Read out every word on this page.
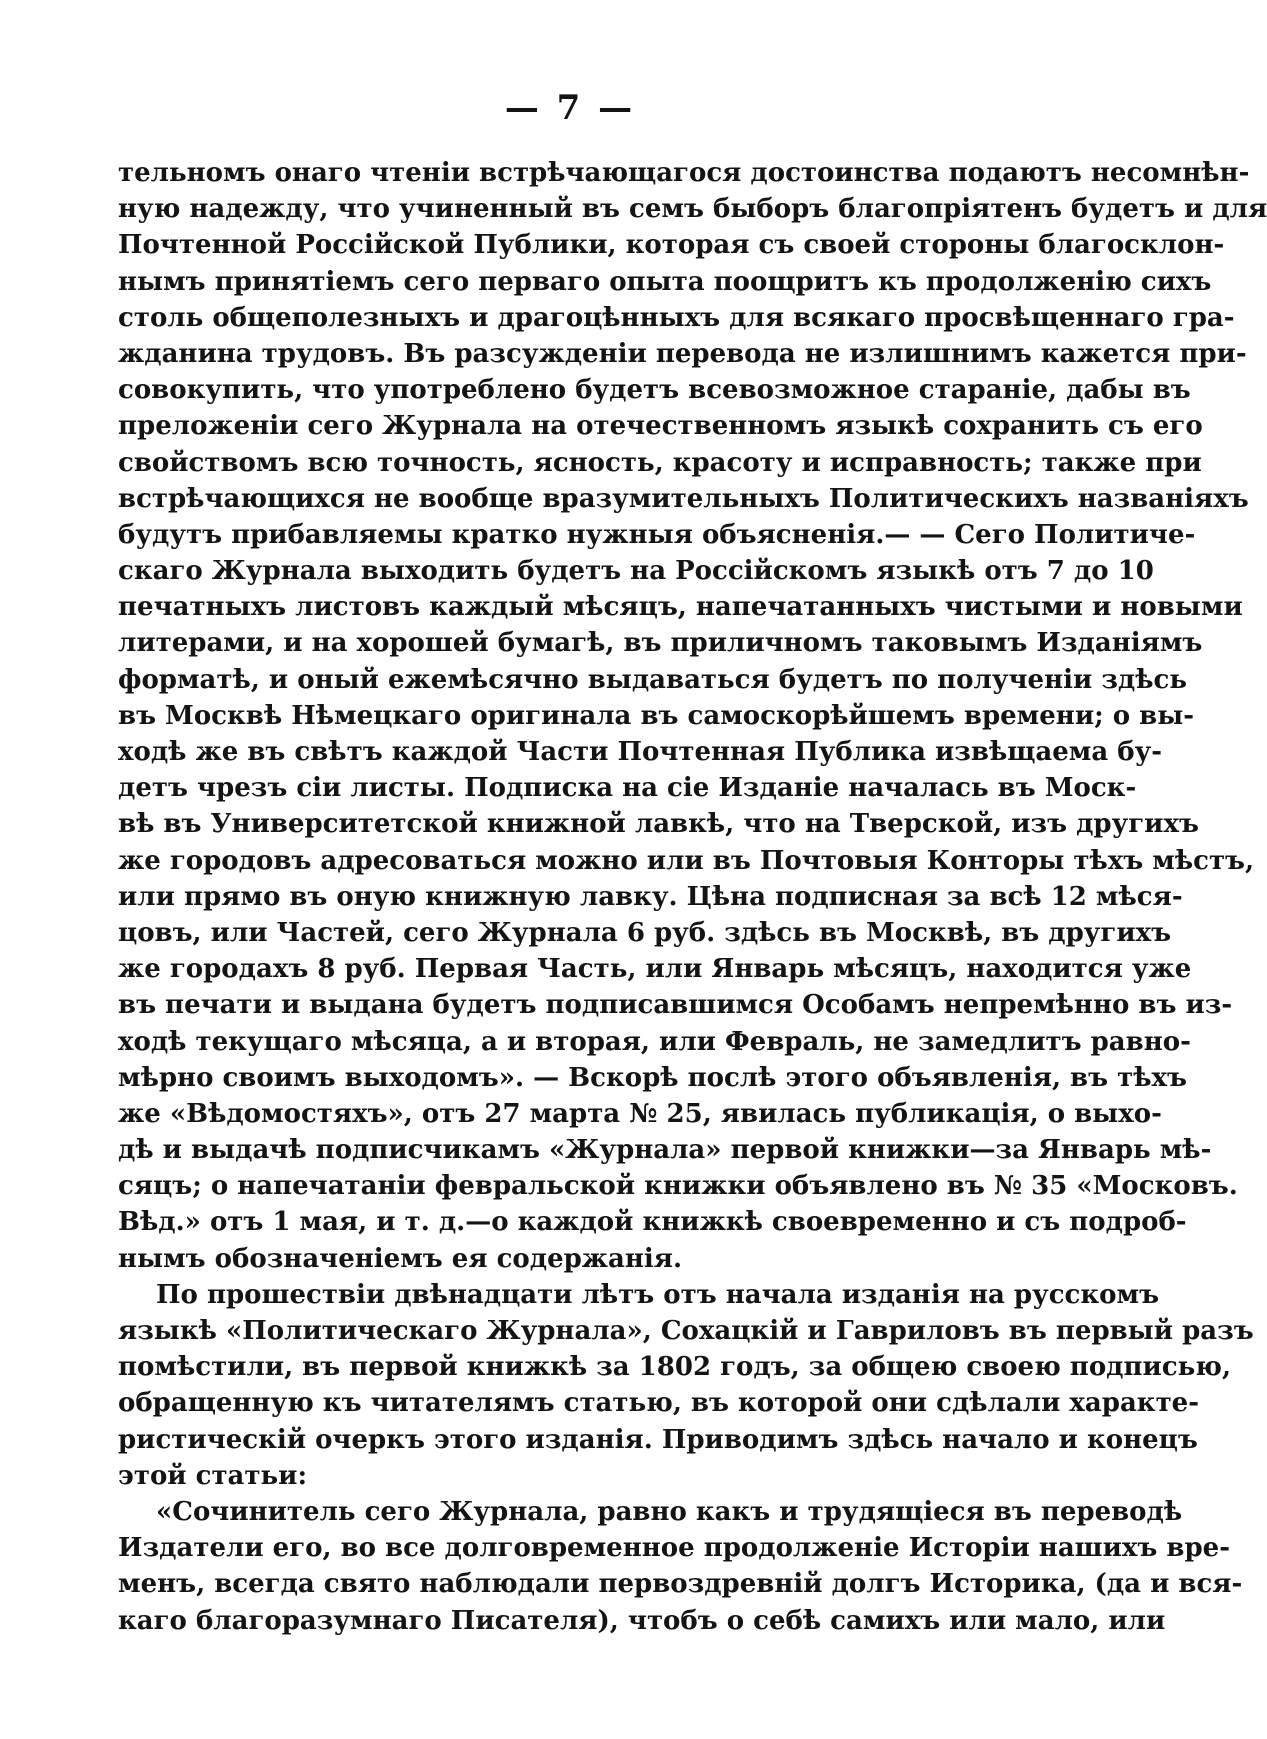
— 7 —
тельномъ онаго чтенiи встрѣчающагося достоинства подаютъ несомнѣн-
ную надежду, что учиненный въ семъ быборъ благопрiятенъ будетъ и для
Почтенной Россiйской Публики, которая съ своей стороны благосклон-
нымъ принятiемъ сего перваго опыта поощритъ къ продолженiю сихъ
столь общеполезныхъ и драгоцѣнныхъ для всякаго просвѣщеннаго гра-
жданина трудовъ. Въ разсужденiи перевода не излишнимъ кажется при-
совокупить, что употреблено будетъ всевозможное старанiе, дабы въ
преложенiи сего Журнала на отечественномъ языкѣ сохранить съ его
свойствомъ всю точность, ясность, красоту и исправность; также при
встрѣчающихся не вообще вразумительныхъ Политическихъ названiяхъ
будутъ прибавляемы кратко нужныя объясненiя.— — Сего Политиче-
скаго Журнала выходить будетъ на Россiйскомъ языкѣ отъ 7 до 10
печатныхъ листовъ каждый мѣсяцъ, напечатанныхъ чистыми и новыми
литерами, и на хорошей бумагѣ, въ приличномъ таковымъ Изданiямъ
форматѣ, и оный ежемѣсячно выдаваться будетъ по полученiи здѣсь
въ Москвѣ Нѣмецкаго оригинала въ самоскорѣйшемъ времени; о вы-
ходѣ же въ свѣтъ каждой Части Почтенная Публика извѣщаема бу-
детъ чрезъ сiи листы. Подписка на сiе Изданiе началась въ Моск-
вѣ въ Университетской книжной лавкѣ, что на Тверской, изъ другихъ
же городовъ адресоваться можно или въ Почтовыя Конторы тѣхъ мѣстъ,
или прямо въ оную книжную лавку. Цѣна подписная за всѣ 12 мѣся-
цовъ, или Частей, сего Журнала 6 руб. здѣсь въ Москвѣ, въ другихъ
же городахъ 8 руб. Первая Часть, или Январь мѣсяцъ, находится уже
въ печати и выдана будетъ подписавшимся Особамъ непремѣнно въ из-
ходѣ текущаго мѣсяца, а и вторая, или Февраль, не замедлитъ равно-
мѣрно своимъ выходомъ». — Вскорѣ послѣ этого объявленiя, въ тѣхъ
же «Вѣдомостяхъ», отъ 27 марта № 25, явилась публикацiя, о выхо-
дѣ и выдачѣ подписчикамъ «Журнала» первой книжки—за Январь мѣ-
сяцъ; о напечатанiи февральской книжки объявлено въ № 35 «Московъ.
Вѣд.» отъ 1 мая, и т. д.—о каждой книжкѣ своевременно и съ подроб-
нымъ обозначенiемъ ея содержанiя.
По прошествiи двѣнадцати лѣтъ отъ начала изданiя на русскомъ
языкѣ «Политическаго Журнала», Сохацкiй и Гавриловъ въ первый разъ
помѣстили, въ первой книжкѣ за 1802 годъ, за общею своею подписью,
обращенную къ читателямъ статью, въ которой они сдѣлали характе-
ристическiй очеркъ этого изданiя. Приводимъ здѣсь начало и конецъ
этой статьи:
«Сочинитель сего Журнала, равно какъ и трудящiеся въ переводѣ
Издатели его, во все долговременное продолженiе Исторiи нашихъ вре-
менъ, всегда свято наблюдали первоздревнiй долгъ Историка, (да и вся-
каго благоразумнаго Писателя), чтобъ о себѣ самихъ или мало, или
